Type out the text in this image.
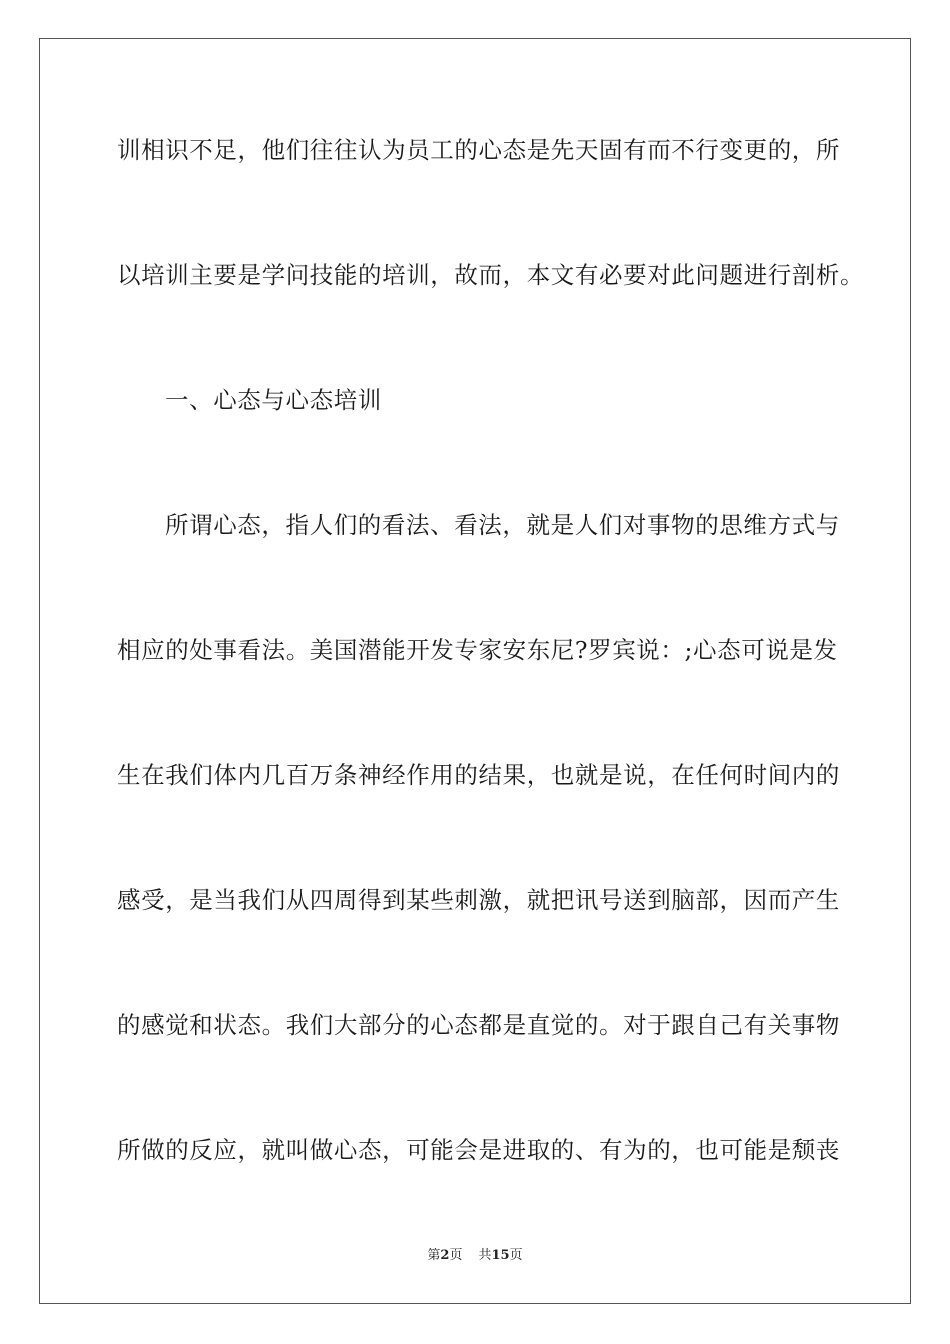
训相识不足，他们往往认为员工的心态是先天固有而不行变更的，所
以培训主要是学问技能的培训，故而，本文有必要对此问题进行剖析。
一、心态与心态培训
所谓心态，指人们的看法、看法，就是人们对事物的思维方式与
相应的处事看法。美国潜能开发专家安东尼?罗宾说：;心态可说是发
生在我们体内几百万条神经作用的结果，也就是说，在任何时间内的
感受，是当我们从四周得到某些刺激，就把讯号送到脑部，因而产生
的感觉和状态。我们大部分的心态都是直觉的。对于跟自己有关事物
所做的反应，就叫做心态，可能会是进取的、有为的，也可能是颓丧
第2页 共15页
